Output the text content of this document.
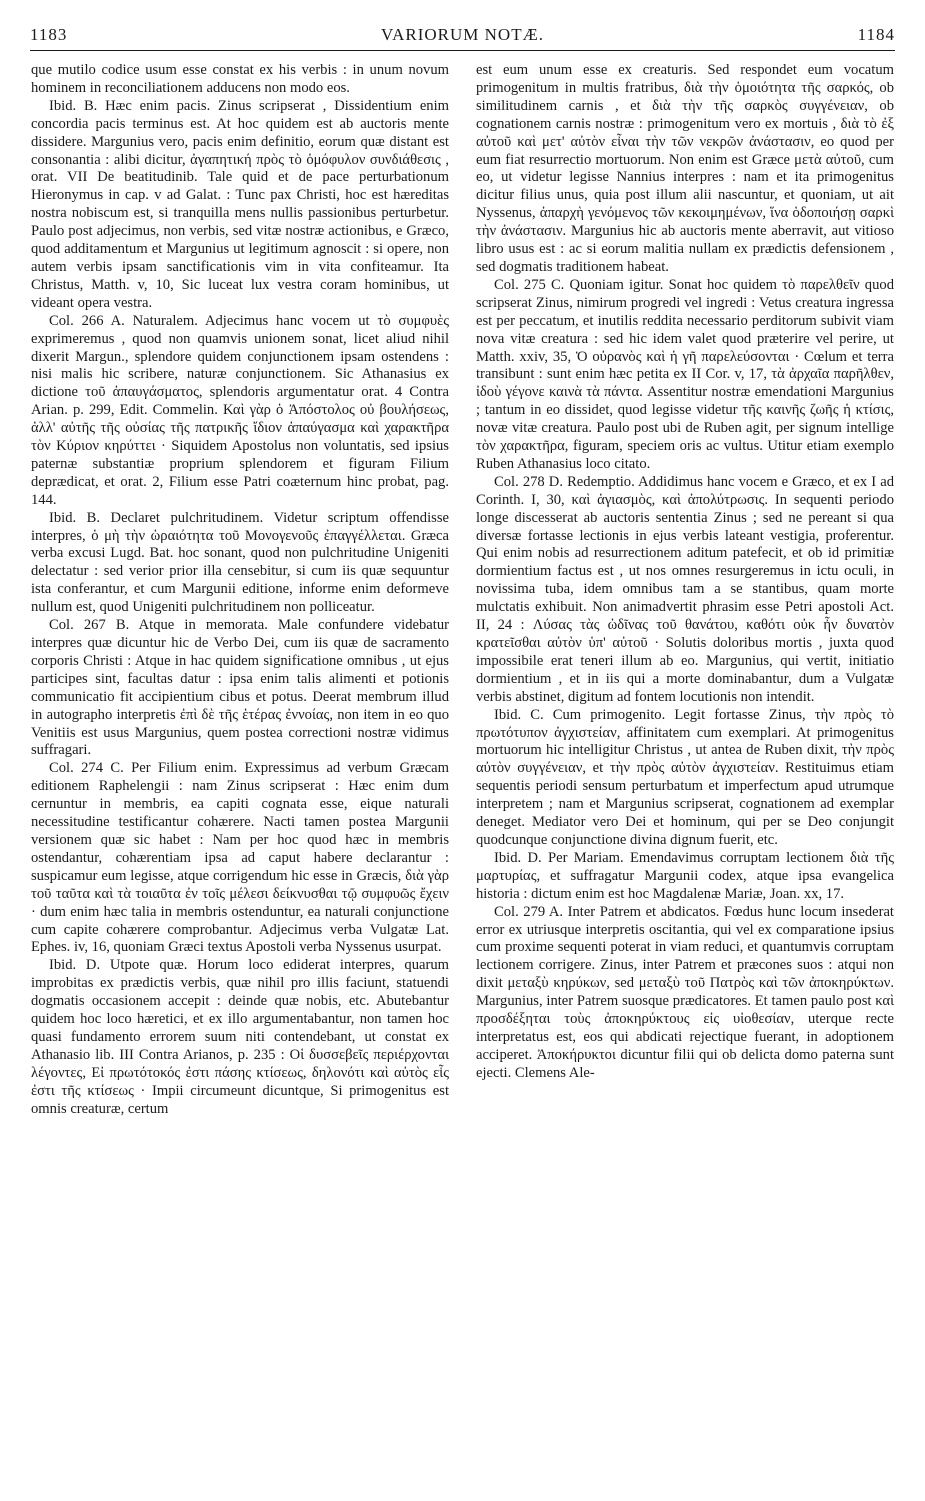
1183	VARIORUM NOTÆ.	1184

que mutilo codice usum esse constat ex his verbis : in unum novum hominem in reconciliationem adducens non modo eos.

Ibid. B. Hæc enim pacis. Zinus scripserat , Dissidentium enim concordia pacis terminus est. At hoc quidem est ab auctoris mente dissidere. Margunius vero, pacis enim definitio, eorum quæ distant est consonantia : alibi dicitur, ἀγαπητική πρὸς τὸ ὁμόφυλον συνδιάθεσις , orat. VII De beatitudinib. Tale quid et de pace perturbationum Hieronymus in cap. v ad Galat. : Tunc pax Christi, hoc est hæreditas nostra nobiscum est, si tranquilla mens nullis passionibus perturbetur. Paulo post adjecimus, non verbis, sed vitæ nostræ actionibus, e Græco, quod additamentum et Margunius ut legitimum agnoscit : si opere, non autem verbis ipsam sanctificationis vim in vita confiteamur. Ita Christus, Matth. v, 10, Sic luceat lux vestra coram hominibus, ut videant opera vestra.

Col. 266 A. Naturalem. Adjecimus hanc vocem ut τὸ συμφυὲς exprimeremus , quod non quamvis unionem sonat, licet aliud nihil dixerit Margun., splendore quidem conjunctionem ipsam ostendens : nisi malis hic scribere, naturæ conjunctionem. Sic Athanasius ex dictione τοῦ ἀπαυγάσματος, splendoris argumentatur orat. 4 Contra Arian. p. 299, Edit. Commelin. Καὶ γὰρ ὁ Ἀπόστολος οὐ βουλήσεως, ἀλλ' αὐτῆς τῆς οὐσίας τῆς πατρικῆς ἴδιον ἀπαύγασμα καὶ χαρακτῆρα τὸν Κύριον κηρύττει · Siquidem Apostolus non voluntatis, sed ipsius paternæ substantiæ proprium splendorem et figuram Filium deprædicat, et orat. 2, Filium esse Patri coæternum hinc probat, pag. 144.

Ibid. B. Declaret pulchritudinem. Videtur scriptum offendisse interpres, ὁ μὴ τὴν ὡραιότητα τοῦ Μονογενοῦς ἐπαγγέλλεται. Græca verba excusi Lugd. Bat. hoc sonant, quod non pulchritudine Unigeniti delectatur : sed verior prior illa censebitur, si cum iis quæ sequuntur ista conferantur, et cum Margunii editione, informe enim deformeve nullum est, quod Unigeniti pulchritudinem non polliceatur.

Col. 267 B. Atque in memorata. Male confundere videbatur interpres quæ dicuntur hic de Verbo Dei, cum iis quæ de sacramento corporis Christi : Atque in hac quidem significatione omnibus , ut ejus participes sint, facultas datur : ipsa enim talis alimenti et potionis communicatio fit accipientium cibus et potus. Deerat membrum illud in autographo interpretis ἐπὶ δὲ τῆς ἑτέρας ἐννοίας, non item in eo quo Venitiis est usus Margunius, quem postea correctioni nostræ vidimus suffragari.

Col. 274 C. Per Filium enim. Expressimus ad verbum Græcam editionem Raphelengii : nam Zinus scripserat : Hæc enim dum cernuntur in membris, ea capiti cognata esse, eique naturali necessitudine testificantur cohærere. Nacti tamen postea Margunii versionem quæ sic habet : Nam per hoc quod hæc in membris ostendantur, cohærentiam ipsa ad caput habere declarantur : suspicamur eum legisse, atque corrigendum hic esse in Græcis, διὰ γὰρ τοῦ ταῦτα καὶ τὰ τοιαῦτα ἐν τοῖς μέλεσι δείκνυσθαι τῷ συμφυῶς ἔχειν · dum enim hæc talia in membris ostenduntur, ea naturali conjunctione cum capite cohærere comprobantur. Adjecimus verba Vulgatæ Lat. Ephes. iv, 16, quoniam Græci textus Apostoli verba Nyssenus usurpat.

Ibid. D. Utpote quæ. Horum loco ediderat interpres, quarum improbitas ex prædictis verbis, quæ nihil pro illis faciunt, statuendi dogmatis occasionem accepit : deinde quæ nobis, etc. Abutebantur quidem hoc loco hæretici, et ex illo argumentabantur, non tamen hoc quasi fundamento errorem suum niti contendebant, ut constat ex Athanasio lib. III Contra Arianos, p. 235 : Οἱ δυσσεβεῖς περιέρχονται λέγοντες, Εἰ πρωτότοκός ἐστι πάσης κτίσεως, δηλονότι καὶ αὐτὸς εἷς ἐστι τῆς κτίσεως · Impii circumeunt dicuntque, Si primogenitus est omnis creaturæ, certum

est eum unum esse ex creaturis. Sed respondet eum vocatum primogenitum in multis fratribus, διὰ τὴν ὁμοιότητα τῆς σαρκός, ob similitudinem carnis , et διὰ τὴν τῆς σαρκὸς συγγένειαν, ob cognationem carnis nostræ : primogenitum vero ex mortuis , διὰ τὸ ἐξ αὐτοῦ καὶ μετ' αὐτὸν εἶναι τὴν τῶν νεκρῶν ἀνάστασιν, eo quod per eum fiat resurrectio mortuorum. Non enim est Græce μετὰ αὐτοῦ, cum eo, ut videtur legisse Nannius interpres : nam et ita primogenitus dicitur filius unus, quia post illum alii nascuntur, et quoniam, ut ait Nyssenus, ἀπαρχὴ γενόμενος τῶν κεκοιμημένων, ἵνα ὁδοποιήσῃ σαρκὶ τὴν ἀνάστασιν. Margunius hic ab auctoris mente aberravit, aut vitioso libro usus est : ac si eorum malitia nullam ex prædictis defensionem , sed dogmatis traditionem habeat.

Col. 275 C. Quoniam igitur. Sonat hoc quidem τὸ παρελθεῖν quod scripserat Zinus, nimirum progredi vel ingredi : Vetus creatura ingressa est per peccatum, et inutilis reddita necessario perditorum subivit viam nova vitæ creatura : sed hic idem valet quod præterire vel perire, ut Matth. xxiv, 35, Ὁ οὐρανὸς καὶ ἡ γῆ παρελεύσονται · Cœlum et terra transibunt : sunt enim hæc petita ex II Cor. v, 17, τὰ ἀρχαῖα παρῆλθεν, ἰδοὺ γέγονε καινὰ τὰ πάντα. Assentitur nostræ emendationi Margunius ; tantum in eo dissidet, quod legisse videtur τῆς καινῆς ζωῆς ἡ κτίσις, novæ vitæ creatura. Paulo post ubi de Ruben agit, per signum intellige τὸν χαρακτῆρα, figuram, speciem oris ac vultus. Utitur etiam exemplo Ruben Athanasius loco citato.

Col. 278 D. Redemptio. Addidimus hanc vocem e Græco, et ex I ad Corinth. I, 30, καὶ ἁγιασμὸς, καὶ ἀπολύτρωσις. In sequenti periodo longe discesserat ab auctoris sententia Zinus ; sed ne pereant si qua diversæ fortasse lectionis in ejus verbis lateant vestigia, proferentur. Qui enim nobis ad resurrectionem aditum patefecit, et ob id primitiæ dormientium factus est , ut nos omnes resurgeremus in ictu oculi, in novissima tuba, idem omnibus tam a se stantibus, quam morte mulctatis exhibuit. Non animadvertit phrasim esse Petri apostoli Act. II, 24 : Λύσας τὰς ὠδῖνας τοῦ θανάτου, καθότι οὐκ ἦν δυνατὸν κρατεῖσθαι αὐτὸν ὑπ' αὐτοῦ · Solutis doloribus mortis , juxta quod impossibile erat teneri illum ab eo. Margunius, qui vertit, initiatio dormientium , et in iis qui a morte dominabantur, dum a Vulgatæ verbis abstinet, digitum ad fontem locutionis non intendit.

Ibid. C. Cum primogenito. Legit fortasse Zinus, τὴν πρὸς τὸ πρωτότυπον ἀγχιστείαν, affinitatem cum exemplari. At primogenitus mortuorum hic intelligitur Christus , ut antea de Ruben dixit, τὴν πρὸς αὐτὸν συγγένειαν, et τὴν πρὸς αὐτὸν ἀγχιστείαν. Restituimus etiam sequentis periodi sensum perturbatum et imperfectum apud utrumque interpretem ; nam et Margunius scripserat, cognationem ad exemplar deneget. Mediator vero Dei et hominum, qui per se Deo conjungit quodcunque conjunctione divina dignum fuerit, etc.

Ibid. D. Per Mariam. Emendavimus corruptam lectionem διὰ τῆς μαρτυρίας, et suffragatur Margunii codex, atque ipsa evangelica historia : dictum enim est hoc Magdalenæ Mariæ, Joan. xx, 17.

Col. 279 A. Inter Patrem et abdicatos. Fœdus hunc locum insederat error ex utriusque interpretis oscitantia, qui vel ex comparatione ipsius cum proxime sequenti poterat in viam reduci, et quantumvis corruptam lectionem corrigere. Zinus, inter Patrem et præcones suos : atqui non dixit μεταξὺ κηρύκων, sed μεταξὺ τοῦ Πατρὸς καὶ τῶν ἀποκηρύκτων. Margunius, inter Patrem suosque prædicatores. Et tamen paulo post καὶ προσδέξηται τοὺς ἀποκηρύκτους εἰς υἱοθεσίαν, uterque recte interpretatus est, eos qui abdicati rejectique fuerant, in adoptionem acciperet. Ἀποκήρυκτοι dicuntur filii qui ob delicta domo paterna sunt ejecti. Clemens Ale-
